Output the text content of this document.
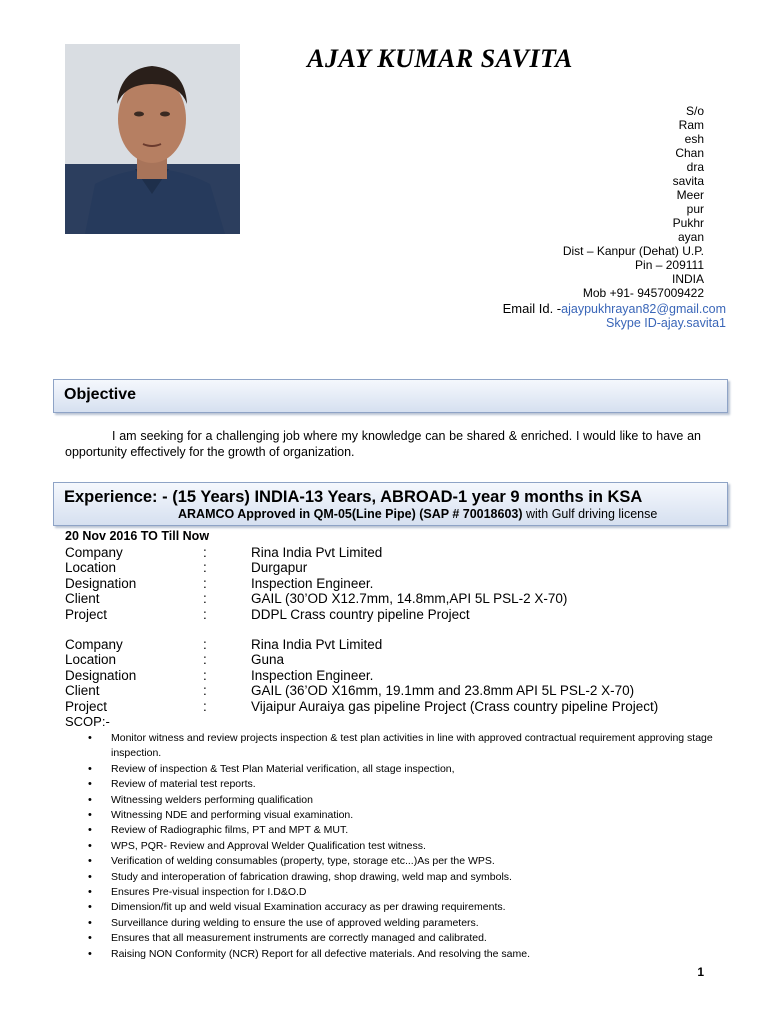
AJAY KUMAR SAVITA
S/o
Ram
esh
Chan
dra
savita
Meer
pur
Pukhr
ayan
Dist – Kanpur (Dehat) U.P.
Pin – 209111
INDIA
Mob +91- 9457009422
Email Id. -ajaypukhrayan82@gmail.com
Skype ID-ajay.savita1
Objective
I am seeking for a challenging job where my knowledge can be shared & enriched. I would like to have an opportunity effectively for the growth of organization.
Experience: - (15 Years) INDIA-13 Years, ABROAD-1 year 9 months in KSA
ARAMCO Approved in QM-05(Line Pipe) (SAP # 70018603) with Gulf driving license
20 Nov 2016 TO Till Now
Company	:	Rina India Pvt Limited
Location	:	Durgapur
Designation	:	Inspection Engineer.
Client	:	GAIL (30’OD X12.7mm, 14.8mm,API 5L PSL-2 X-70)
Project	:	DDPL Crass country pipeline Project
Company	:	Rina India Pvt Limited
Location	:	Guna
Designation	:	Inspection Engineer.
Client	:	GAIL (36’OD X16mm, 19.1mm and 23.8mm API 5L PSL-2 X-70)
Project	:	Vijaipur Auraiya gas pipeline Project (Crass country pipeline Project)
SCOP:-
• Monitor witness and review projects inspection & test plan activities in line with approved contractual requirement approving stage inspection.
• Review of inspection & Test Plan Material verification, all stage inspection,
• Review of material test reports.
• Witnessing welders performing qualification
• Witnessing NDE and performing visual examination.
• Review of Radiographic films, PT and MPT & MUT.
• WPS, PQR- Review and Approval Welder Qualification test witness.
• Verification of welding consumables (property, type, storage etc...)As per the WPS.
• Study and interoperation of fabrication drawing, shop drawing, weld map and symbols.
• Ensures Pre-visual inspection for I.D&O.D
• Dimension/fit up and weld visual Examination accuracy as per drawing requirements.
• Surveillance during welding to ensure the use of approved welding parameters.
• Ensures that all measurement instruments are correctly managed and calibrated.
• Raising NON Conformity (NCR) Report for all defective materials. And resolving the same.
1
